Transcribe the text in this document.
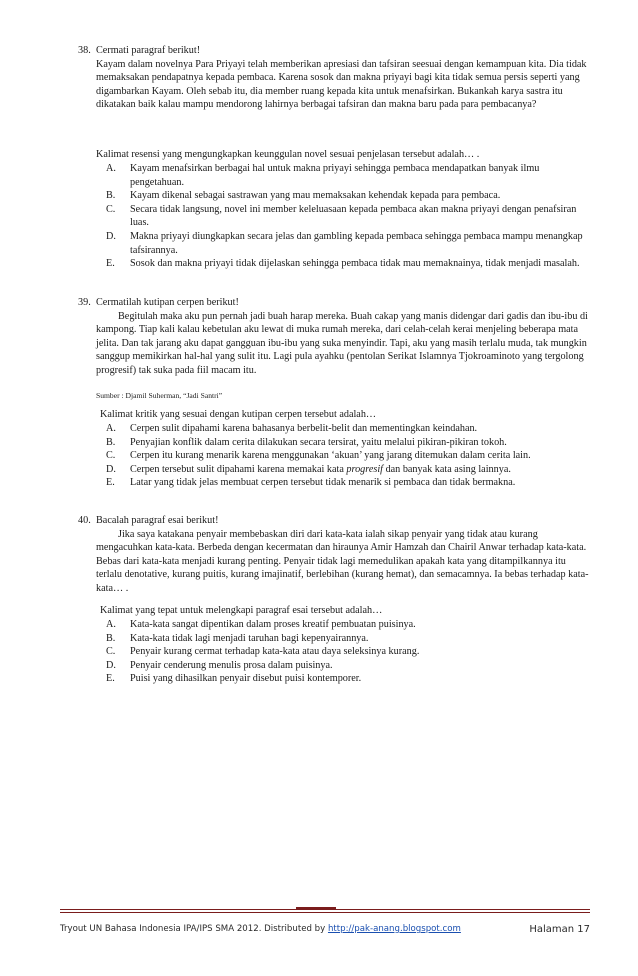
38. Cermati paragraf berikut!
Kayam dalam novelnya Para Priyayi telah memberikan apresiasi dan tafsiran seesuai dengan kemampuan kita. Dia tidak memaksakan pendapatnya kepada pembaca. Karena sosok dan makna priyayi bagi kita tidak semua persis seperti yang digambarkan Kayam. Oleh sebab itu, dia member ruang kepada kita untuk menafsirkan. Bukankah karya sastra itu dikatakan baik kalau mampu mendorong lahirnya berbagai tafsiran dan makna baru pada para pembacanya?
Kalimat resensi yang mengungkapkan keunggulan novel sesuai penjelasan tersebut adalah… .
A. Kayam menafsirkan berbagai hal untuk makna priyayi sehingga pembaca mendapatkan banyak ilmu pengetahuan.
B. Kayam dikenal sebagai sastrawan yang mau memaksakan kehendak kepada para pembaca.
C. Secara tidak langsung, novel ini member keleluasaan kepada pembaca akan makna priyayi dengan penafsiran luas.
D. Makna priyayi diungkapkan secara jelas dan gambling kepada pembaca sehingga pembaca mampu menangkap tafsirannya.
E. Sosok dan makna priyayi tidak dijelaskan sehingga pembaca tidak mau memaknainya, tidak menjadi masalah.
39. Cermatilah kutipan cerpen berikut!
Begitulah maka aku pun pernah jadi buah harap mereka. Buah cakap yang manis didengar dari gadis dan ibu-ibu di kampong. Tiap kali kalau kebetulan aku lewat di muka rumah mereka, dari celah-celah kerai menjeling beberapa mata jelita. Dan tak jarang aku dapat gangguan ibu-ibu yang suka menyindir. Tapi, aku yang masih terlalu muda, tak mungkin sanggup memikirkan hal-hal yang sulit itu. Lagi pula ayahku (pentolan Serikat Islamnya Tjokroaminoto yang tergolong progresif) tak suka pada fiil macam itu.
Sumber : Djamil Suherman, “Jadi Santri”
Kalimat kritik yang sesuai dengan kutipan cerpen tersebut adalah…
A. Cerpen sulit dipahami karena bahasanya berbelit-belit dan mementingkan keindahan.
B. Penyajian konflik dalam cerita dilakukan secara tersirat, yaitu melalui pikiran-pikiran tokoh.
C. Cerpen itu kurang menarik karena menggunakan ‘akuan’ yang jarang ditemukan dalam cerita lain.
D. Cerpen tersebut sulit dipahami karena memakai kata progresif dan banyak kata asing lainnya.
E. Latar yang tidak jelas membuat cerpen tersebut tidak menarik si pembaca dan tidak bermakna.
40. Bacalah paragraf esai berikut!
Jika saya katakana penyair membebaskan diri dari kata-kata ialah sikap penyair yang tidak atau kurang mengacuhkan kata-kata. Berbeda dengan kecermatan dan hiraunya Amir Hamzah dan Chairil Anwar terhadap kata-kata. Bebas dari kata-kata menjadi kurang penting. Penyair tidak lagi memedulikan apakah kata yang ditampilkannya itu terlalu denotative, kurang puitis, kurang imajinatif, berlebihan (kurang hemat), dan semacamnya. Ia bebas terhadap kata-kata… .
Kalimat yang tepat untuk melengkapi paragraf esai tersebut adalah…
A. Kata-kata sangat dipentikan dalam proses kreatif pembuatan puisinya.
B. Kata-kata tidak lagi menjadi taruhan bagi kepenyairannya.
C. Penyair kurang cermat terhadap kata-kata atau daya seleksinya kurang.
D. Penyair cenderung menulis prosa dalam puisinya.
E. Puisi yang dihasilkan penyair disebut puisi kontemporer.
Tryout UN Bahasa Indonesia IPA/IPS SMA 2012. Distributed by http://pak-anang.blogspot.com	Halaman 17
